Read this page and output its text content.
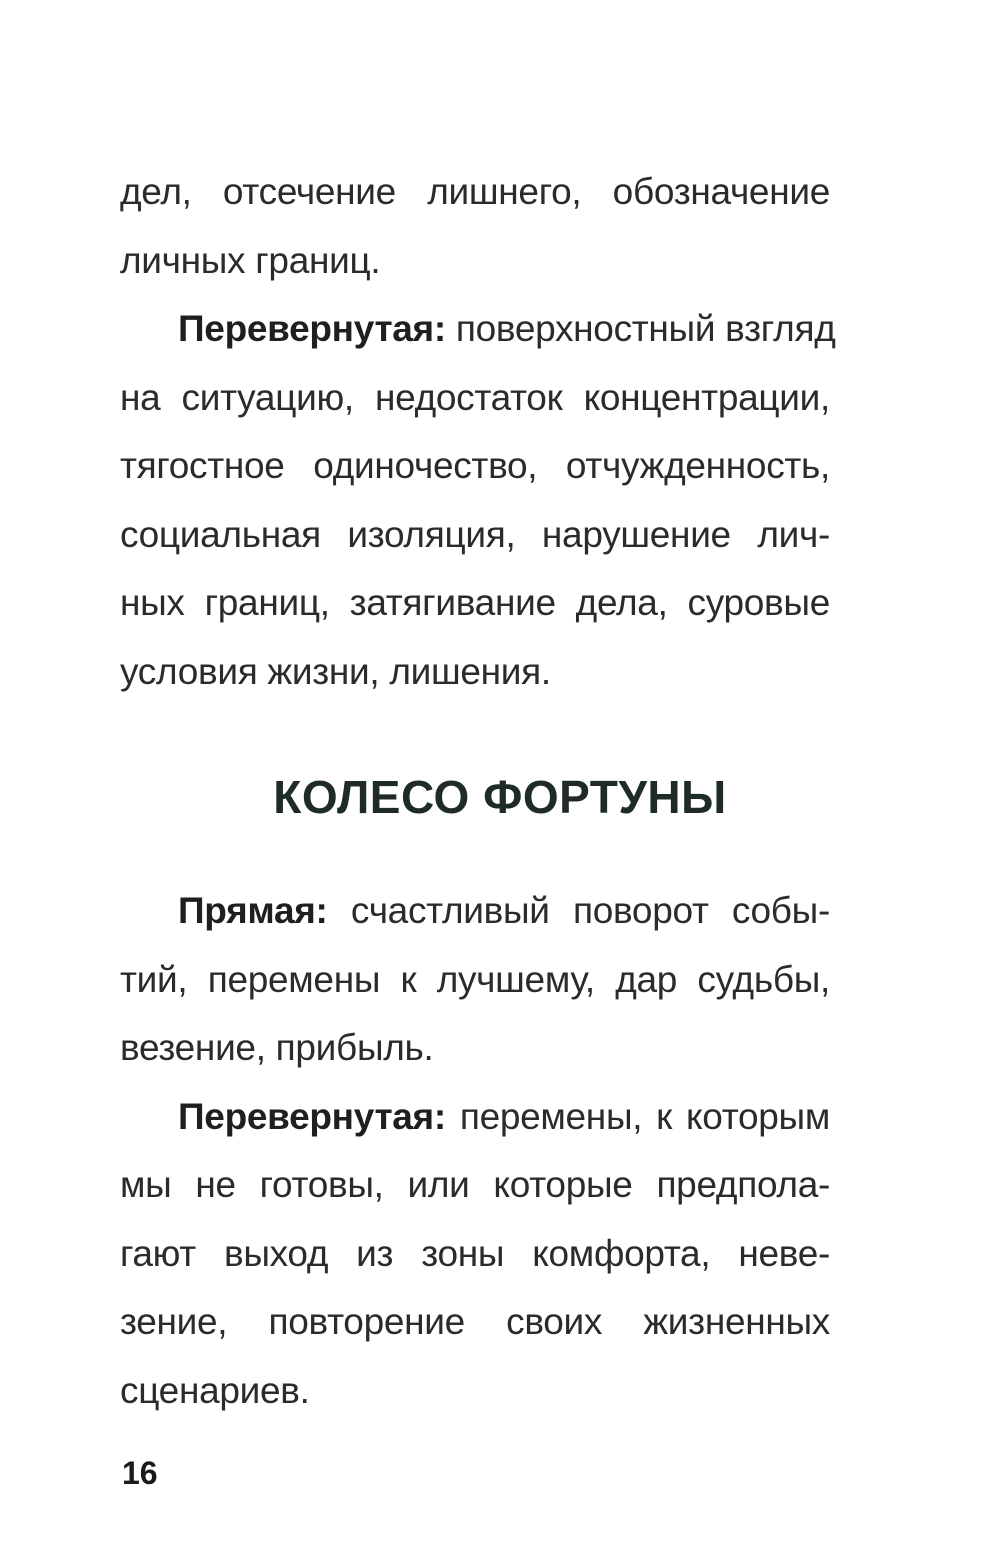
дел, отсечение лишнего, обозначение
личных границ.
Перевернутая: поверхностный взгляд
на ситуацию, недостаток концентрации,
тягостное одиночество, отчужденность,
социальная изоляция, нарушение лич-
ных границ, затягивание дела, суровые
условия жизни, лишения.
КОЛЕСО ФОРТУНЫ
Прямая: счастливый поворот собы-
тий, перемены к лучшему, дар судьбы,
везение, прибыль.
Перевернутая: перемены, к которым
мы не готовы, или которые предпола-
гают выход из зоны комфорта, неве-
зение, повторение своих жизненных
сценариев.
16
